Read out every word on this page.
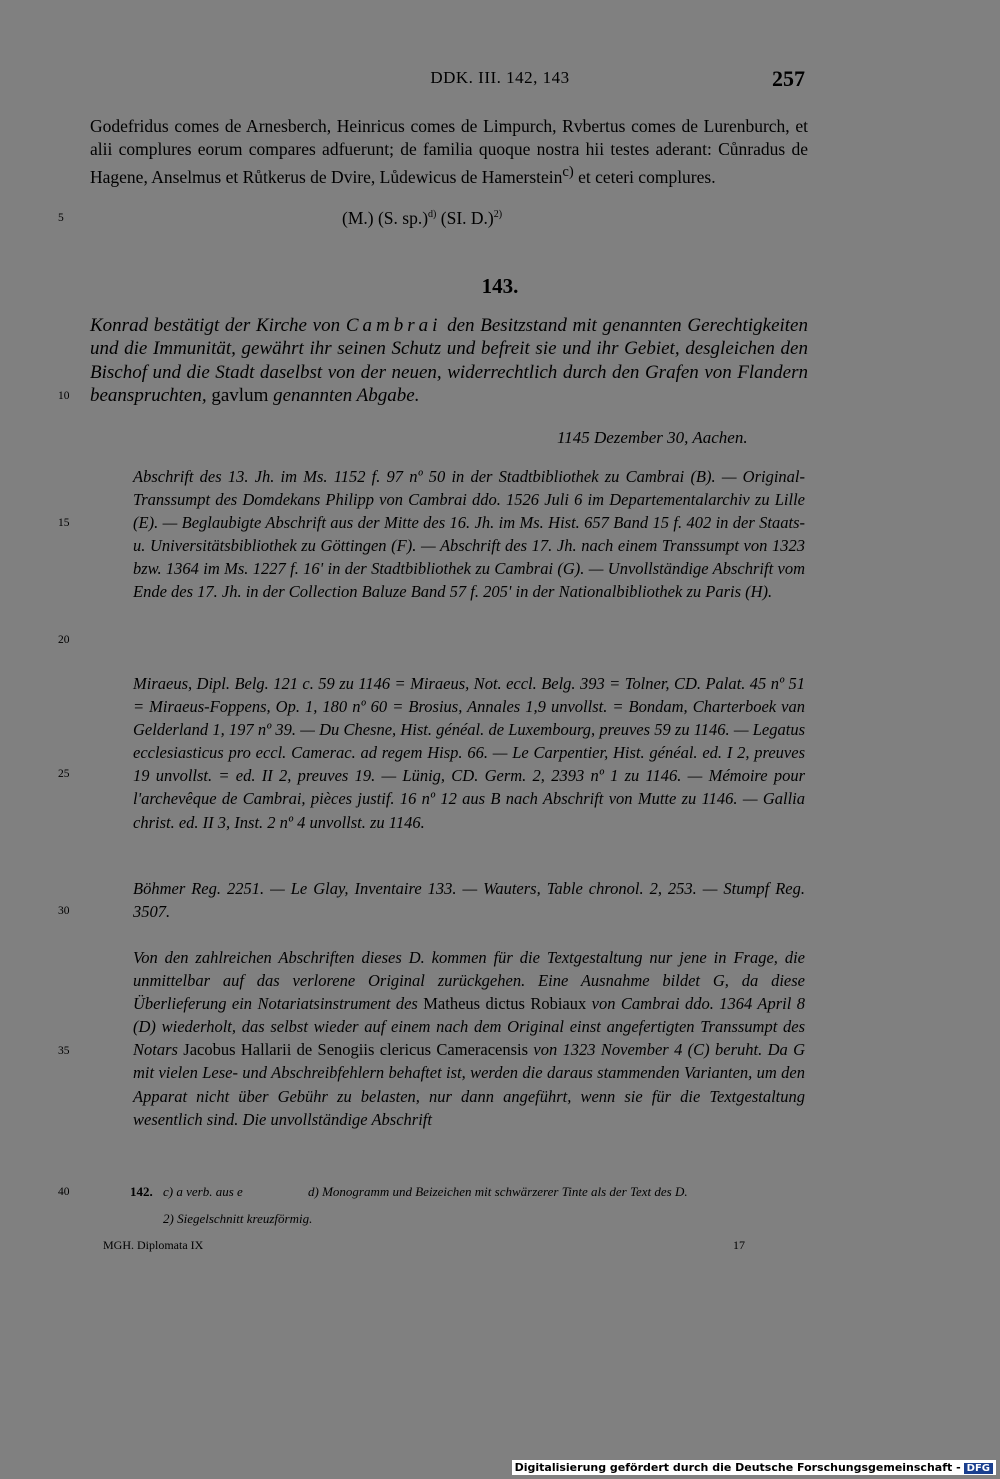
DDK. III. 142, 143	257
Godefridus comes de Arnesberch, Heinricus comes de Limpurch, Rvbertus comes de Lurenburch, et alii complures eorum compares adfuerunt; de familia quoque nostra hii testes aderant: Cůnradus de Hagene, Anselmus et Růtkerus de Dvire, Lůdewicus de Hamerstein$^{c)}$ et ceteri complures.
5	(M.) (S. sp.)$^{d)}$ (SI. D.)$^{2)}$
143.
Konrad bestätigt der Kirche von Cambrai den Besitzstand mit genannten Gerechtigkeiten und die Immunität, gewährt ihr seinen Schutz und befreit sie und ihr Gebiet, desgleichen den Bischof und die Stadt daselbst von der neuen, widerrechtlich durch den Grafen von Flandern beanspruchten, gavlum genannten Abgabe.
10
1145 Dezember 30, Aachen.
Abschrift des 13. Jh. im Ms. 1152 f. 97 nº 50 in der Stadtbibliothek zu Cambrai (B). — Original-Transsumpt des Domdekans Philipp von Cambrai ddo. 1526 Juli 6 im Departementalarchiv zu Lille (E). — Beglaubigte Abschrift aus der Mitte des 16. Jh. im Ms. Hist. 657 Band 15 f. 402 in der Staats- u. Universitätsbibliothek zu Göttingen (F). — Abschrift des 17. Jh. nach einem Transsumpt von 1323 bzw. 1364 im Ms. 1227 f. 16' in der Stadtbibliothek zu Cambrai (G). — Unvollständige Abschrift vom Ende des 17. Jh. in der Collection Baluze Band 57 f. 205' in der Nationalbibliothek zu Paris (H).
15
20
Miraeus, Dipl. Belg. 121 c. 59 zu 1146 = Miraeus, Not. eccl. Belg. 393 = Tolner, CD. Palat. 45 nº 51 = Miraeus-Foppens, Op. 1, 180 nº 60 = Brosius, Annales 1,9 unvollst. = Bondam, Charterboek van Gelderland 1, 197 nº 39. — Du Chesne, Hist. généal. de Luxembourg, preuves 59 zu 1146. — Legatus ecclesiasticus pro eccl. Camerac. ad regem Hisp. 66. — Le Carpentier, Hist. généal. ed. I 2, preuves 19 unvollst. = ed. II 2, preuves 19. — Lünig, CD. Germ. 2, 2393 nº 1 zu 1146. — Mémoire pour l'archevêque de Cambrai, pièces justif. 16 nº 12 aus B nach Abschrift von Mutte zu 1146. — Gallia christ. ed. II 3, Inst. 2 nº 4 unvollst. zu 1146.
25
Böhmer Reg. 2251. — Le Glay, Inventaire 133. — Wauters, Table chronol. 2, 253. — Stumpf Reg. 3507.
30
Von den zahlreichen Abschriften dieses D. kommen für die Textgestaltung nur jene in Frage, die unmittelbar auf das verlorene Original zurückgehen. Eine Ausnahme bildet G, da diese Überlieferung ein Notariatsinstrument des Matheus dictus Robiaux von Cambrai ddo. 1364 April 8 (D) wiederholt, das selbst wieder auf einem nach dem Original einst angefertigten Transsumpt des Notars Jacobus Hallarii de Senogiis clericus Cameracensis von 1323 November 4 (C) beruht. Da G mit vielen Lese- und Abschreibfehlern behaftet ist, werden die daraus stammenden Varianten, um den Apparat nicht über Gebühr zu belasten, nur dann angeführt, wenn sie für die Textgestaltung wesentlich sind. Die unvollständige Abschrift
35
40	142. c) a verb. aus e	d) Monogramm und Beizeichen mit schwärzerer Tinte als der Text des D.
2) Siegelschnitt kreuzförmig.
MGH. Diplomata IX	17
Digitalisierung gefördert durch die Deutsche Forschungsgemeinschaft - DFG
